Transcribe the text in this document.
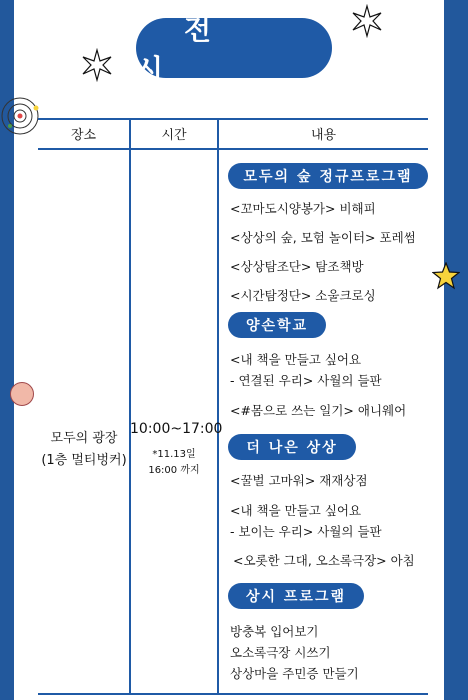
전 시
장소	시간	내용
모두의 광장
(1층 멀티벙커)
10:00~17:00
*11.13일
16:00 까지
모두의 숲 정규프로그램
<꼬마도시양봉가> 비해피
<상상의 숲, 모험 놀이터> 포레썸
<상상탐조단> 탐조책방
<시간탐정단> 소울크로싱
양손학교
<내 책을 만들고 싶어요
- 연결된 우리> 사월의 들판
<#몸으로 쓰는 일기> 애니웨어
더 나은 상상
<꿀벌 고마워> 재재상점
<내 책을 만들고 싶어요
- 보이는 우리> 사월의 들판
<오롯한 그대, 오소록극장> 아침
상시 프로그램
방충복 입어보기
오소록극장 시쓰기
상상마을 주민증 만들기
